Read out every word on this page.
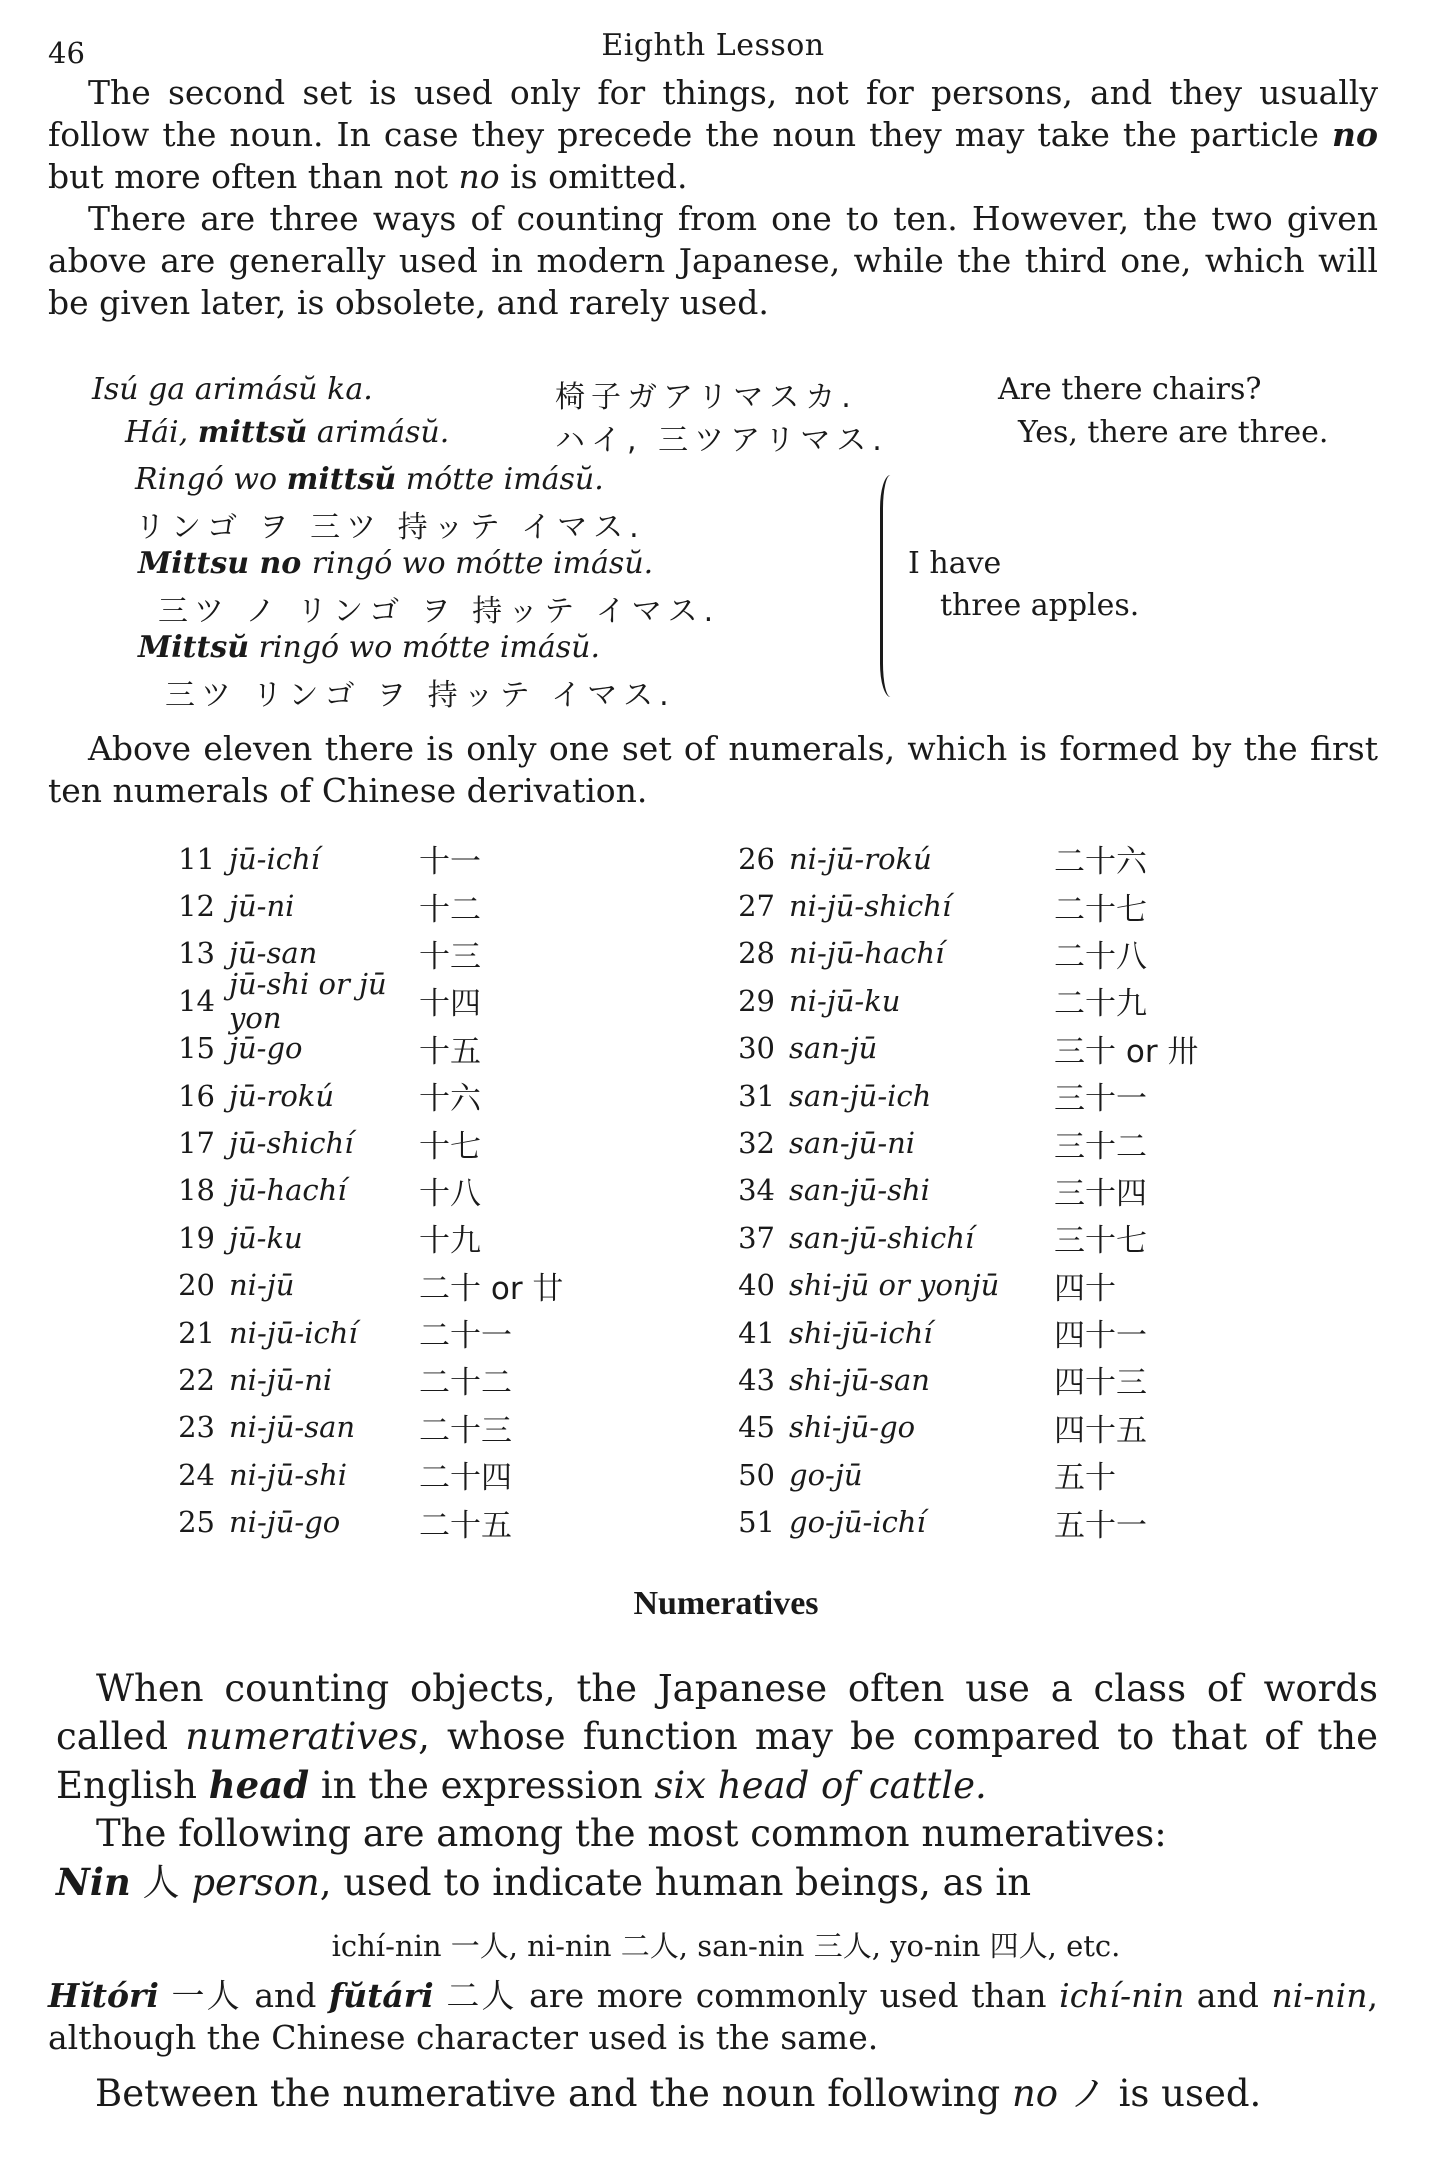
46	Eighth Lesson

The second set is used only for things, not for persons, and they usually follow the noun. In case they precede the noun they may take the particle no but more often than not no is omitted.

There are three ways of counting from one to ten. However, the two given above are generally used in modern Japanese, while the third one, which will be given later, is obsolete, and rarely used.

Isú ga arimásŭ ka.	椅子ガアリマスカ.	Are there chairs?
Hái, mittsŭ arimásŭ.	ハイ, 三ツアリマス.	Yes, there are three.
Ringó wo mittsŭ mótte imásŭ.
リンゴ ヲ 三ツ 持ッテ イマス.
Mittsu no ringó wo mótte imásŭ.
三ツ ノ リンゴ ヲ 持ッテ イマス.
Mittsŭ ringó wo mótte imásŭ.
三ツ リンゴ ヲ 持ッテ イマス.
I have
three apples.

Above eleven there is only one set of numerals, which is formed by the first ten numerals of Chinese derivation.

11 jū-ichí	十一
12 jū-ni	十二
13 jū-san	十三
14 jū-shi or jū yon	十四
15 jū-go	十五
16 jū-rokú	十六
17 jū-shichí	十七
18 jū-hachí	十八
19 jū-ku	十九
20 ni-jū	二十 or 廿
21 ni-jū-ichí	二十一
22 ni-jū-ni	二十二
23 ni-jū-san	二十三
24 ni-jū-shi	二十四
25 ni-jū-go	二十五
26 ni-jū-rokú	二十六
27 ni-jū-shichí	二十七
28 ni-jū-hachí	二十八
29 ni-jū-ku	二十九
30 san-jū	三十 or 卅
31 san-jū-ich	三十一
32 san-jū-ni	三十二
34 san-jū-shi	三十四
37 san-jū-shichí	三十七
40 shi-jū or yonjū	四十
41 shi-jū-ichí	四十一
43 shi-jū-san	四十三
45 shi-jū-go	四十五
50 go-jū	五十
51 go-jū-ichí	五十一
Numeratives

When counting objects, the Japanese often use a class of words called numeratives, whose function may be compared to that of the English head in the expression six head of cattle.

The following are among the most common numeratives:

Nin 人 person, used to indicate human beings, as in

ichí-nin 一人, ni-nin 二人, san-nin 三人, yo-nin 四人, etc.

Hĭtóri 一人 and fŭtári 二人 are more commonly used than ichí-nin and ni-nin, although the Chinese character used is the same.

Between the numerative and the noun following no ノ is used.
